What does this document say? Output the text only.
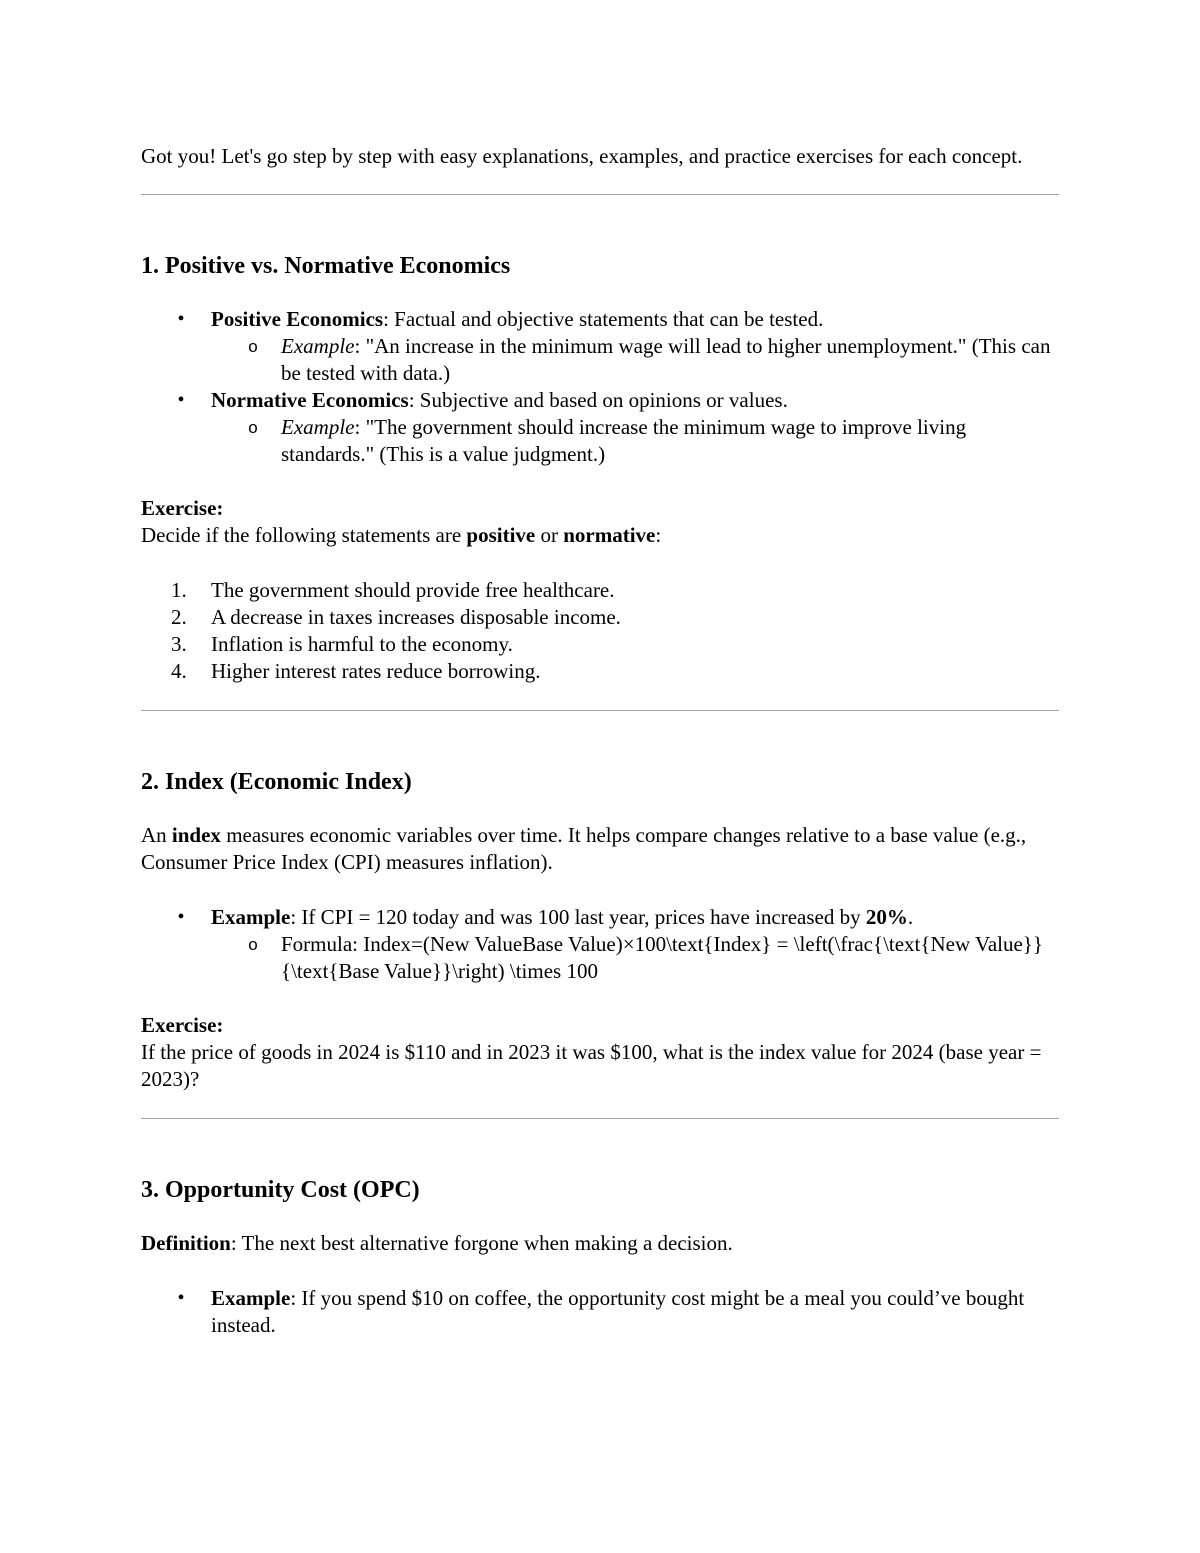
Got you! Let's go step by step with easy explanations, examples, and practice exercises for each concept.

1. Positive vs. Normative Economics
•	Positive Economics: Factual and objective statements that can be tested.
o Example: "An increase in the minimum wage will lead to higher unemployment." (This can be tested with data.)
•	Normative Economics: Subjective and based on opinions or values.
o Example: "The government should increase the minimum wage to improve living standards." (This is a value judgment.)

Exercise:

Decide if the following statements are positive or normative:

1. The government should provide free healthcare.
2. A decrease in taxes increases disposable income.
3. Inflation is harmful to the economy.
4. Higher interest rates reduce borrowing.
2. Index (Economic Index)

An index measures economic variables over time. It helps compare changes relative to a base value (e.g., Consumer Price Index (CPI) measures inflation).

•	Example: If CPI = 120 today and was 100 last year, prices have increased by 20%.
o Formula: Index=(New ValueBase Value)×100\text{Index} = \left(\frac{\text{New Value}}{\text{Base Value}}\right) \times 100

Exercise:

If the price of goods in 2024 is $110 and in 2023 it was $100, what is the index value for 2024 (base year = 2023)?

3. Opportunity Cost (OPC)

Definition: The next best alternative forgone when making a decision.

•	Example: If you spend $10 on coffee, the opportunity cost might be a meal you could’ve bought instead.
